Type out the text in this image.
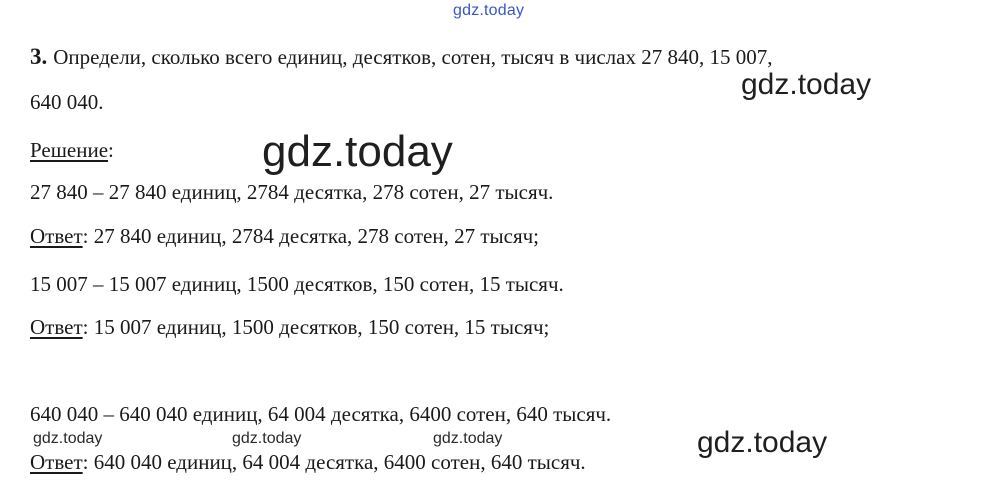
gdz.today
3. Определи, сколько всего единиц, десятков, сотен, тысяч в числах 27 840, 15 007,
640 040.
gdz.today
Решение:	gdz.today
27 840 – 27 840 единиц, 2784 десятка, 278 сотен, 27 тысяч.
Ответ: 27 840 единиц, 2784 десятка, 278 сотен, 27 тысяч;
15 007 – 15 007 единиц, 1500 десятков, 150 сотен, 15 тысяч.
Ответ: 15 007 единиц, 1500 десятков, 150 сотен, 15 тысяч;
640 040 – 640 040 единиц, 64 004 десятка, 6400 сотен, 640 тысяч.
gdz.today	gdz.today	gdz.today	gdz.today
Ответ: 640 040 единиц, 64 004 десятка, 6400 сотен, 640 тысяч.
